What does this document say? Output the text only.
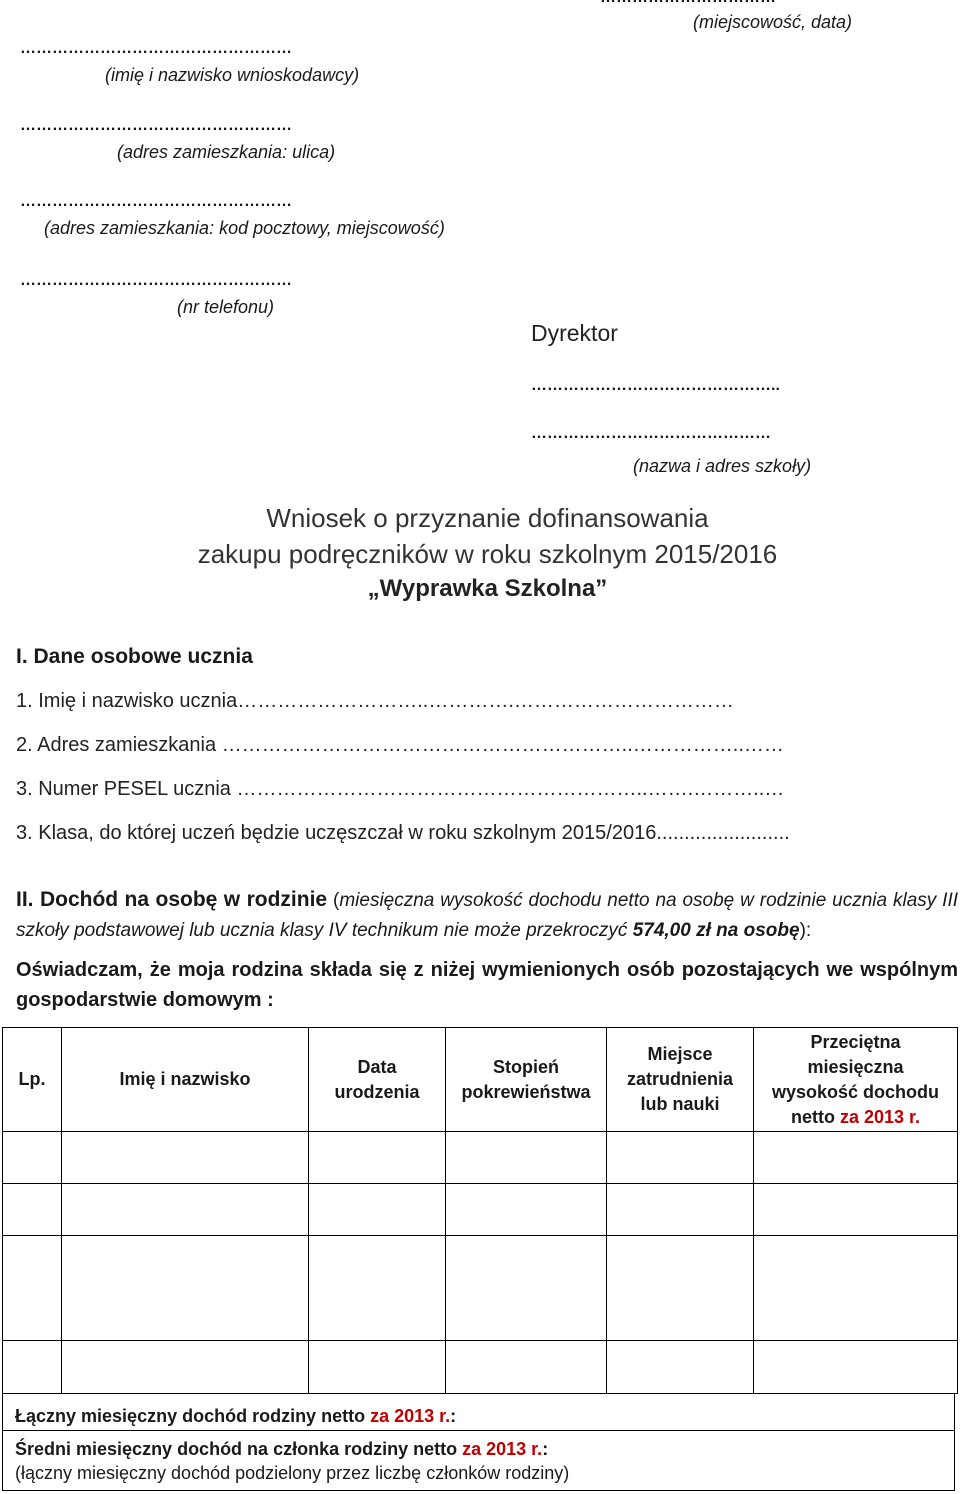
(miejscowość, data)
……………………………………………
(imię i nazwisko wnioskodawcy)
……………………………………………
(adres zamieszkania: ulica)
……………………………………………
(adres zamieszkania: kod pocztowy, miejscowość)
……………………………………………
(nr telefonu)
Dyrektor
………………………………………..
………………………………………
(nazwa i adres szkoły)
Wniosek o przyznanie dofinansowania
zakupu podręczników w roku szkolnym 2015/2016
„Wyprawka Szkolna”
I. Dane osobowe ucznia
1. Imię i nazwisko ucznia………………………..………….……………………………
2. Adres zamieszkania ……………………………………………………..……………..……
3. Numer PESEL ucznia ……………………………………………………..…….………..…
3. Klasa, do której uczeń będzie uczęszczał w roku szkolnym 2015/2016........................
II. Dochód na osobę w rodzinie (miesięczna wysokość dochodu netto na osobę w rodzinie ucznia klasy III szkoły podstawowej lub ucznia klasy IV technikum nie może przekroczyć 574,00 zł na osobę):
Oświadczam, że moja rodzina składa się z niżej wymienionych osób pozostających we wspólnym gospodarstwie domowym :
Lp.	Imię i nazwisko	Data urodzenia	Stopień pokrewieństwa	Miejsce zatrudnienia lub nauki	Przeciętna miesięczna wysokość dochodu netto za 2013 r.

Łączny miesięczny dochód rodziny netto za 2013 r.:
Średni miesięczny dochód na członka rodziny netto za 2013 r.:
(łączny miesięczny dochód podzielony przez liczbę członków rodziny)
